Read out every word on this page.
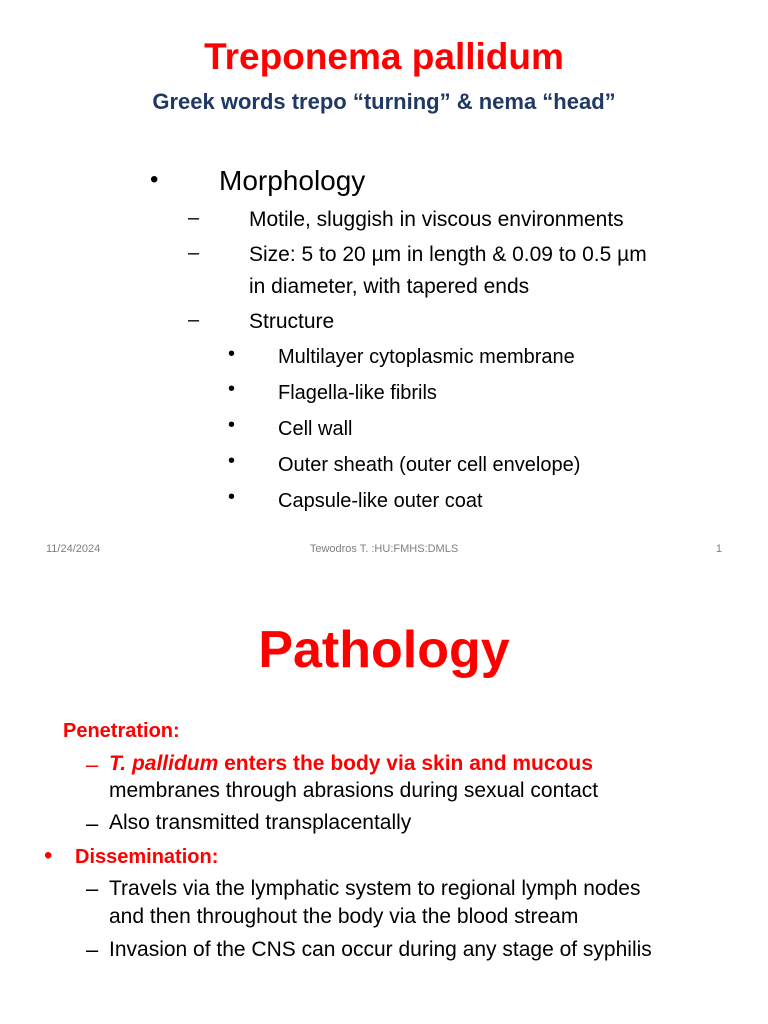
Treponema pallidum
Greek words trepo “turning” & nema “head”
• Morphology
– Motile, sluggish in viscous environments
– Size: 5 to 20 µm in length & 0.09 to 0.5 µm
in diameter, with tapered ends
– Structure
• Multilayer cytoplasmic membrane
• Flagella-like fibrils
• Cell wall
• Outer sheath (outer cell envelope)
• Capsule-like outer coat
11/24/2024	Tewodros T. :HU:FMHS:DMLS	1
Pathology
Penetration:
– T. pallidum enters the body via skin and mucous
membranes through abrasions during sexual contact
– Also transmitted transplacentally
• Dissemination:
– Travels via the lymphatic system to regional lymph nodes
and then throughout the body via the blood stream
– Invasion of the CNS can occur during any stage of syphilis
